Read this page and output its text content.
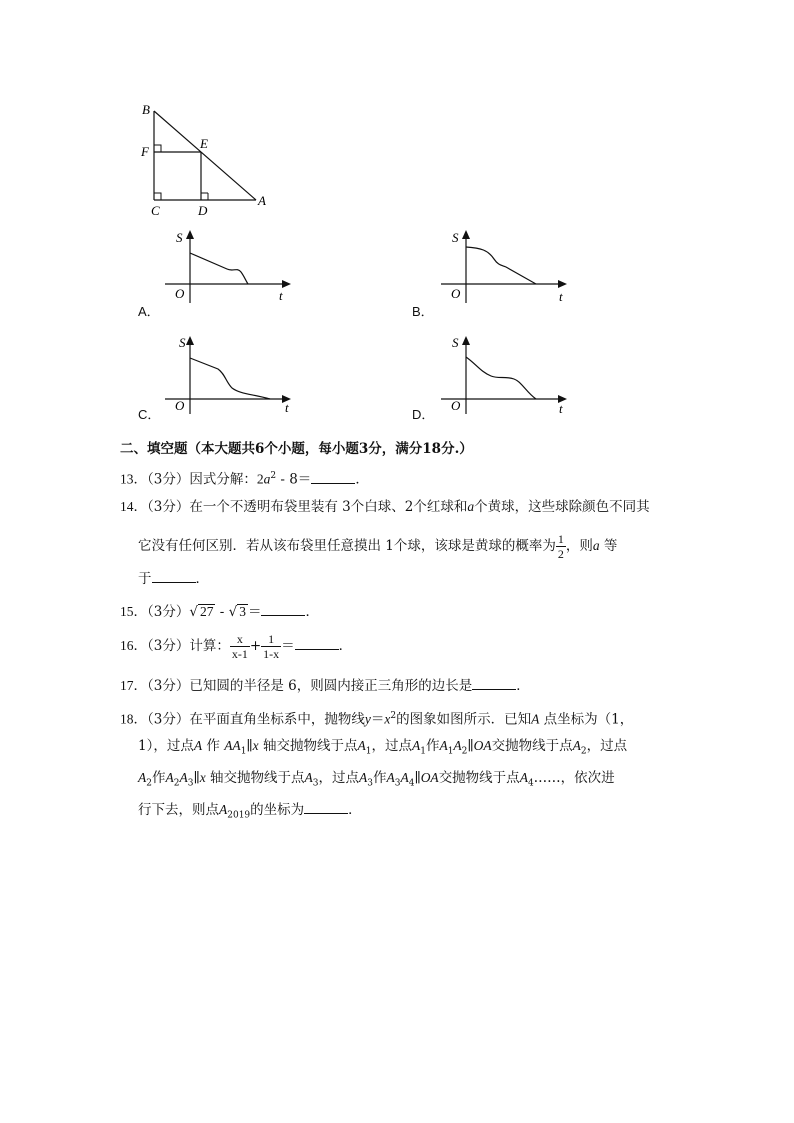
B
E
F
C	D
A
S
O	t
A．
S
O	t
B．
S
O	t
C．
S
O	t
D．
二、填空题（本大题共6个小题，每小题3分，满分18分.）
13．（3分）因式分解：$2a^2 - 8=$	．
14．（3分）在一个不透明布袋里装有 3个白球、2个红球和a个黄球，这些球除颜色不同其
它没有任何区别．若从该布袋里任意摸出 1个球，该球是黄球的概率为 $\frac{1}{2}$ ，则a 等
于	．
15．（3分）√ 27 - √ 3 ＝	．
16．（3分）计算： $\frac{x}{x-1} + \frac{1}{1-x}$ ＝	．
17．（3分）已知圆的半径是 6，则圆内接正三角形的边长是	．
18．（3分）在平面直角坐标系中，抛物线$y=x^2$的图象如图所示．已知A 点坐标为（1，
1），过点A 作 $AA_1\parallel x$ 轴交抛物线于点$A_1$，过点$A_1$作$A_1A_2\parallel OA$交抛物线于点$A_2$，过点
$A_2$作$A_2A_3\parallel x$ 轴交抛物线于点$A_3$，过点$A_3$作$A_3A_4\parallel OA$交抛物线于点$A_4\dots\dots$，依次进
行下去，则点$A_{2019}$的坐标为	．
